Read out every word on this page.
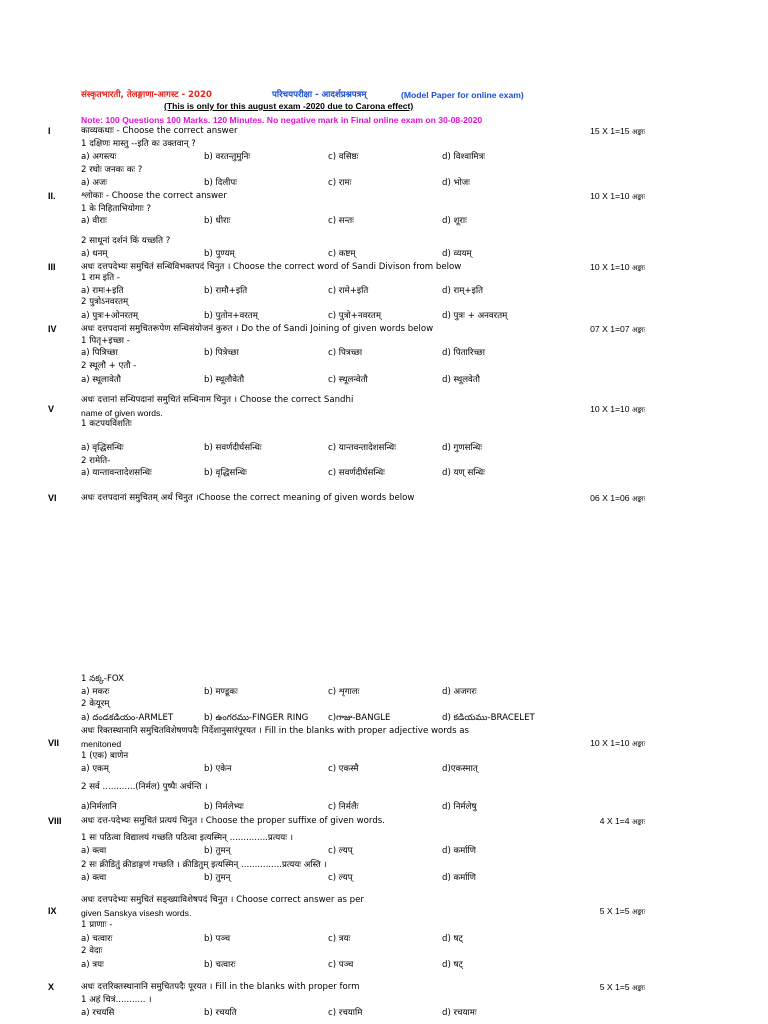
संस्कृतभारती, तेलङ्गाणा-आगस्ट - 2020	परिचयपरीक्षा - आदर्शप्रश्नपत्रम्	(Model Paper for online exam)
(This is only for this august exam -2020 due to Carona effect)
Note: 100 Questions 100 Marks. 120 Minutes. No negative mark in Final online exam on 30-08-2020
I	काव्यकथाः - Choose the correct answer	15 X 1=15 अङ्काः
1 दक्षिणः मास्तु --इति कः उक्तवान् ?
a) अगस्त्यः	b) वरतन्तुमुनिः	c) वसिष्ठः	d) विश्वामित्रः
2 रघोः जनकः कः ?
a) अजः	b) दिलीपः	c) रामः	d) भोजः
II.	श्लोकाः - Choose the correct answer	10 X 1=10 अङ्काः
1 के निहिताभियोगाः ?
a) वीराः	b) धीराः	c) सन्तः	d) शूराः
2 साधूनां दर्शनं किं यच्छति ?
a) धनम्	b) पुण्यम्	c) कष्टम्	d) व्ययम्
III	अधः दत्तपदेभ्यः समुचितं सन्धिविभक्तपदं चिनुत । Choose the correct word of Sandi Divison from below	10 X 1=10 अङ्काः
1 राम इति -
a) रामः+इति	b) रामौ+इति	c) रामे+इति	d) राम्+इति
2 पुत्रोऽनवरतम्
a) पुत्रः+ओनरतम्	b) पुतोन+वरतम्	c) पुत्रो+नवरतम्	d) पुत्रः + अनवरतम्
IV	अधः दत्तपदानां समुचितरूपेण सन्धिसंयोजनं कुरुत । Do the of Sandi Joining of given words below	07 X 1=07 अङ्काः
1 पितृ+इच्छा -
a) पित्रिच्छा	b) पित्रेच्छा	c) पित्रच्छा	d) पितारिच्छा
2 स्थूलौ + एतौ -
a) स्थूलावेतौ	b) स्थूलौवेतौ	c) स्थूलन्वेतौ	d) स्थूलवेतौ
अधः दत्तानां सन्धिपदानां समुचितं सन्धिनाम चिनुत । Choose the correct Sandhi
V	10 X 1=10 अङ्काः
name of given words.
1 कटपयविंशतिः
a) वृद्धिसन्धिः	b) सवर्णदीर्घसन्धिः	c) यान्तवन्तादेशसन्धिः	d) गुणसन्धिः
2 रामेति-
a) यान्तावन्तादेशसन्धिः	b) वृद्धिसन्धिः	c) सवर्णदीर्घसन्धिः	d) यण् सन्धिः
VI	अधः दत्तपदानां समुचितम् अर्थं चिनुत ।Choose the correct meaning of given words below	06 X 1=06 अङ्काः
1 నక్క-FOX
a) मकरः	b) मण्डूकः	c) शृगालः	d) अजगरः
2 केयूरम्
a) దండకడియం-ARMLET	b) ఉంగరము-FINGER RING c)గాజు-BANGLE	d) కడియము-BRACELET
अधः रिक्तस्थानानि समुचितविशेषणपदैः निर्देशानुसारंपूरयत । Fill in the blanks with proper adjective words as
VII	10 X 1=10 अङ्काः
menitoned
1 (एक) बाणेन
a) एकम्	b) एकेन	c) एकस्मै	d)एकस्मात्
2 सर्व ............(निर्मल) पुष्पैः अर्चन्ति ।
a)निर्मलानि	b) निर्मलेभ्यः	c) निर्मलैः	d) निर्मलेषु
VIII अधः दत्त-पदेभ्यः समुचितं प्रत्ययं चिनुत । Choose the proper suffixe of given words.	4 X 1=4 अङ्काः
1 सः पठित्वा विद्यालयं गच्छति पठित्वा इत्यस्मिन् ..............प्रत्ययः ।
a) क्त्वा	b) तुमन्	c) ल्यप्	d) कर्माणि
2 सः क्रीडितुं क्रीडाङ्गणं गच्छति । क्रीडितुम् इत्यस्मिन् ...............प्रत्ययः अस्ति ।
a) क्त्वा	b) तुमन्	c) ल्यप्	d) कर्माणि
अधः दत्तपदेभ्यः समुचितं सङ्ख्याविशेषपदं चिनुत । Choose correct answer as per
IX	5 X 1=5 अङ्काः
given Sanskya visesh words.
1 प्राणाः -
a) चत्वारः	b) पञ्च	c) त्रयः	d) षट्
2 वेदाः
a) त्रयः	b) चत्वारः	c) पञ्च	d) षट्
X	अधः दत्तरिक्तस्थानानि समुचितपदैः पूरयत । Fill in the blanks with proper form	5 X 1=5 अङ्काः
1 अहं चित्रं........... ।
a) रचयसि	b) रचयति	c) रचयामि	d) रचयामः
